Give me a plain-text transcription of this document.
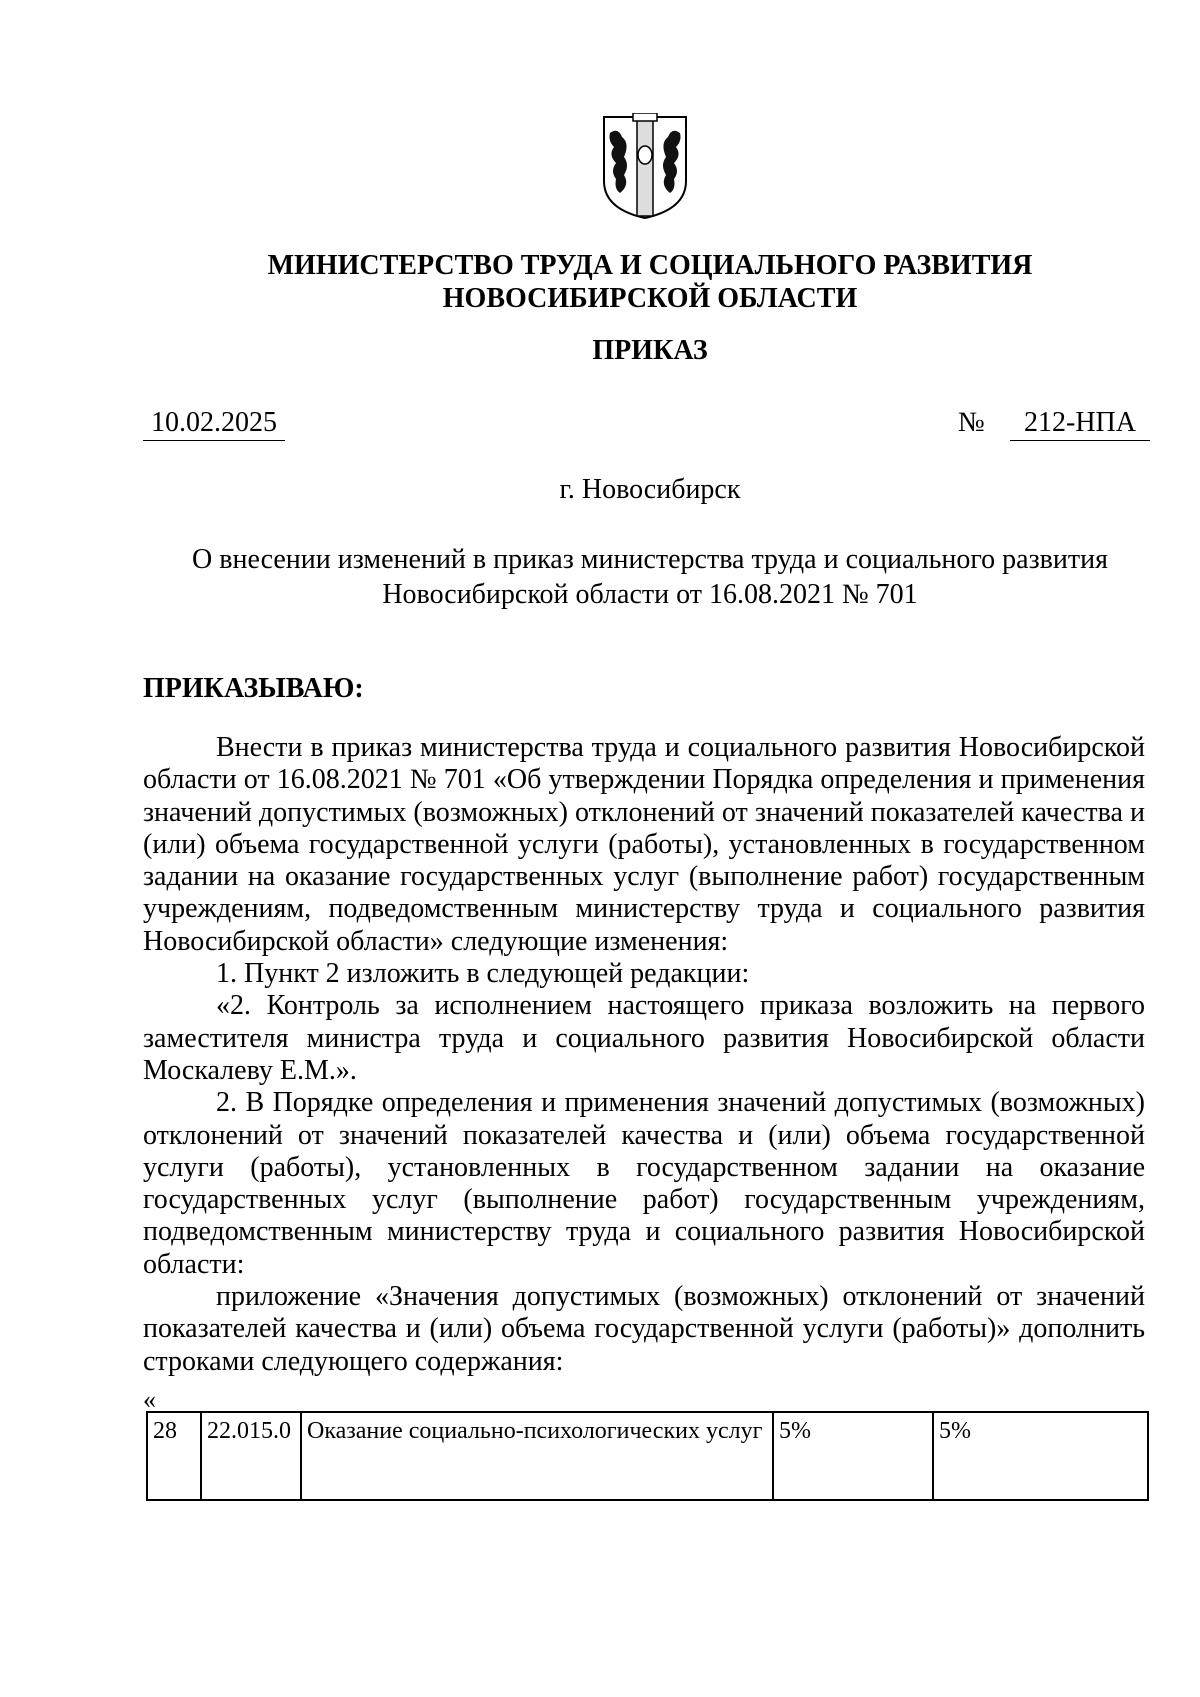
МИНИСТЕРСТВО ТРУДА И СОЦИАЛЬНОГО РАЗВИТИЯ
НОВОСИБИРСКОЙ ОБЛАСТИ
ПРИКАЗ
10.02.2025	№	212-НПА
г. Новосибирск
О внесении изменений в приказ министерства труда и социального развития
Новосибирской области от 16.08.2021 № 701
ПРИКАЗЫВАЮ:

Внести в приказ министерства труда и социального развития Новосибирской области от 16.08.2021 № 701 «Об утверждении Порядка определения и применения значений допустимых (возможных) отклонений от значений показателей качества и (или) объема государственной услуги (работы), установленных в государственном задании на оказание государственных услуг (выполнение работ) государственным учреждениям, подведомственным министерству труда и социального развития Новосибирской области» следующие изменения:

1. Пункт 2 изложить в следующей редакции:

«2. Контроль за исполнением настоящего приказа возложить на первого заместителя министра труда и социального развития Новосибирской области Москалеву Е.М.».

2. В Порядке определения и применения значений допустимых (возможных) отклонений от значений показателей качества и (или) объема государственной услуги (работы), установленных в государственном задании на оказание государственных услуг (выполнение работ) государственным учреждениям, подведомственным министерству труда и социального развития Новосибирской области:

приложение «Значения допустимых (возможных) отклонений от значений показателей качества и (или) объема государственной услуги (работы)» дополнить строками следующего содержания:

«
28	22.015.0	Оказание социально-психологических услуг	5%	5%
